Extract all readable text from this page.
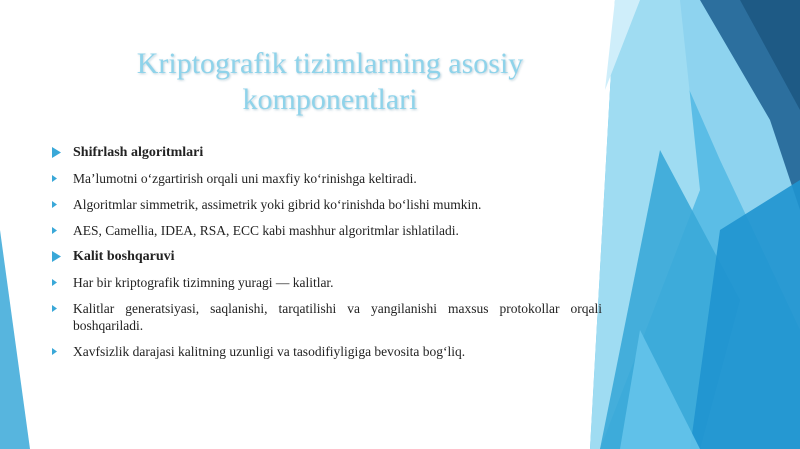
Kriptografik tizimlarning asosiy
komponentlari
Shifrlash algoritmlari
Ma’lumotni o‘zgartirish orqali uni maxfiy ko‘rinishga keltiradi.
Algoritmlar simmetrik, assimetrik yoki gibrid ko‘rinishda bo‘lishi mumkin.
AES, Camellia, IDEA, RSA, ECC kabi mashhur algoritmlar ishlatiladi.
Kalit boshqaruvi
Har bir kriptografik tizimning yuragi — kalitlar.
Kalitlar generatsiyasi, saqlanishi, tarqatilishi va yangilanishi maxsus protokollar orqali boshqariladi.
Xavfsizlik darajasi kalitning uzunligi va tasodifiyligiga bevosita bog‘liq.
